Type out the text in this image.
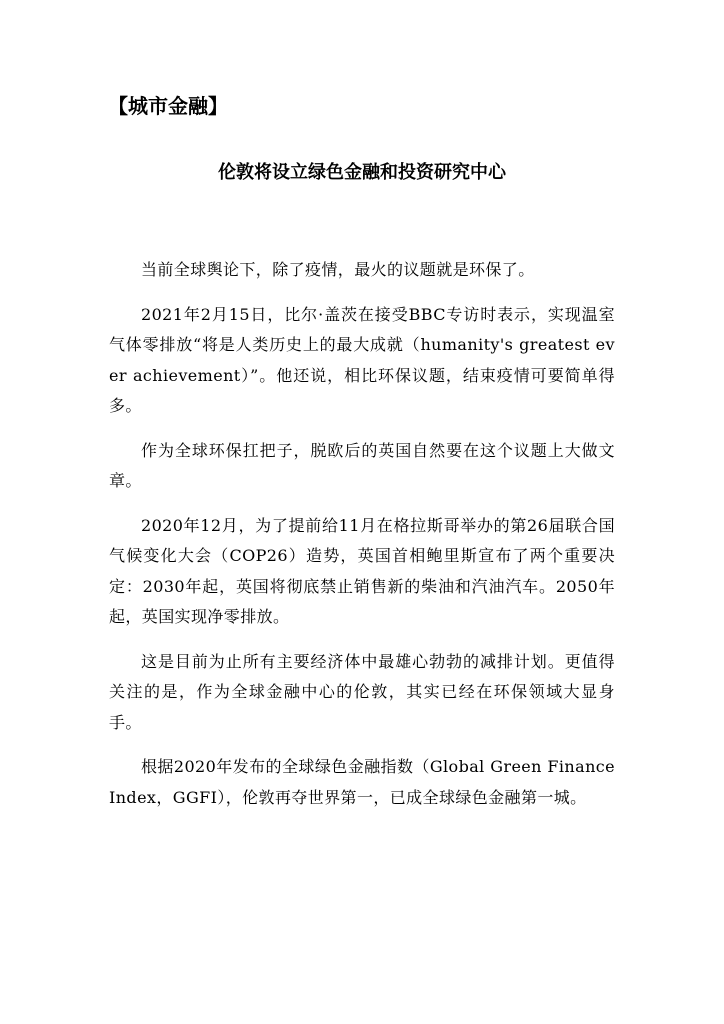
【城市金融】
伦敦将设立绿色金融和投资研究中心

当前全球舆论下，除了疫情，最火的议题就是环保了。

2021年2月15日，比尔·盖茨在接受BBC专访时表示，实现温室气体零排放“将是人类历史上的最大成就（humanity's greatest ever achievement）”。他还说，相比环保议题，结束疫情可要简单得多。

作为全球环保扛把子，脱欧后的英国自然要在这个议题上大做文章。

2020年12月，为了提前给11月在格拉斯哥举办的第26届联合国气候变化大会（COP26）造势，英国首相鲍里斯宣布了两个重要决定：2030年起，英国将彻底禁止销售新的柴油和汽油汽车。2050年起，英国实现净零排放。

这是目前为止所有主要经济体中最雄心勃勃的减排计划。更值得关注的是，作为全球金融中心的伦敦，其实已经在环保领域大显身手。

根据2020年发布的全球绿色金融指数（Global Green Finance Index，GGFI），伦敦再夺世界第一，已成全球绿色金融第一城。
